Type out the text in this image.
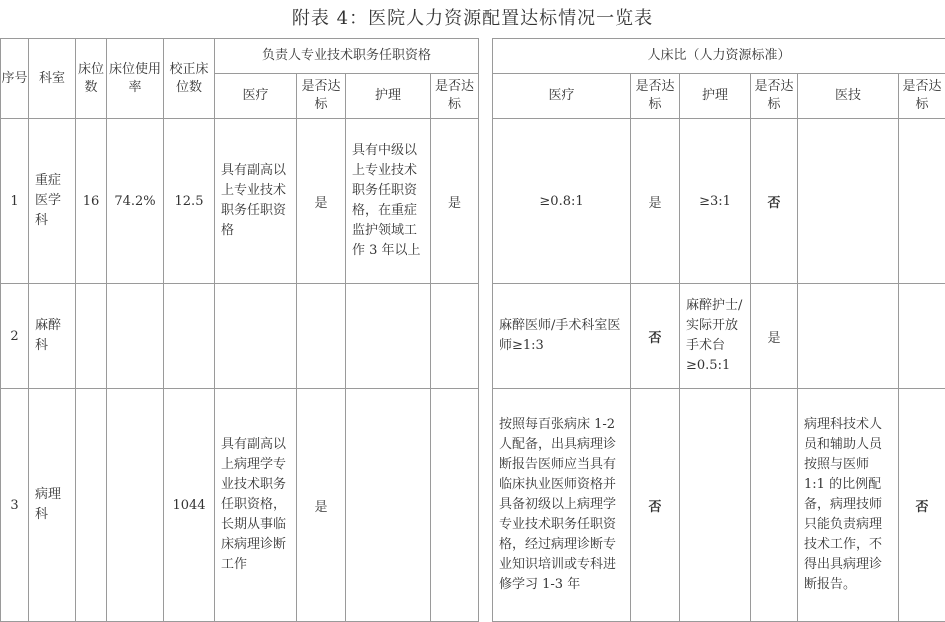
附表 4：医院人力资源配置达标情况一览表
序号	科室	床位数	床位使用率	校正床位数	负责人专业技术职务任职资格					人床比（人力资源标准）					
					医疗	是否达标	护理	是否达标		医疗	是否达标	护理	是否达标	医技	是否达标
1	重症医学科	16	74.2%	12.5	具有副高以上专业技术职务任职资格	是	具有中级以上专业技术职务任职资格，在重症监护领域工作 3 年以上	是		≥0.8:1	是	≥3:1	否		
2	麻醉科									麻醉医师/手术科室医师≥1:3	否	麻醉护士/实际开放手术台≥0.5:1	是		
3	病理科			1044	具有副高以上病理学专业技术职务任职资格，长期从事临床病理诊断工作	是				按照每百张病床 1-2 人配备，出具病理诊断报告医师应当具有临床执业医师资格并具备初级以上病理学专业技术职务任职资格，经过病理诊断专业知识培训或专科进修学习 1-3 年	否			病理科技术人员和辅助人员按照与医师 1:1 的比例配备，病理技师只能负责病理技术工作，不得出具病理诊断报告。	否
